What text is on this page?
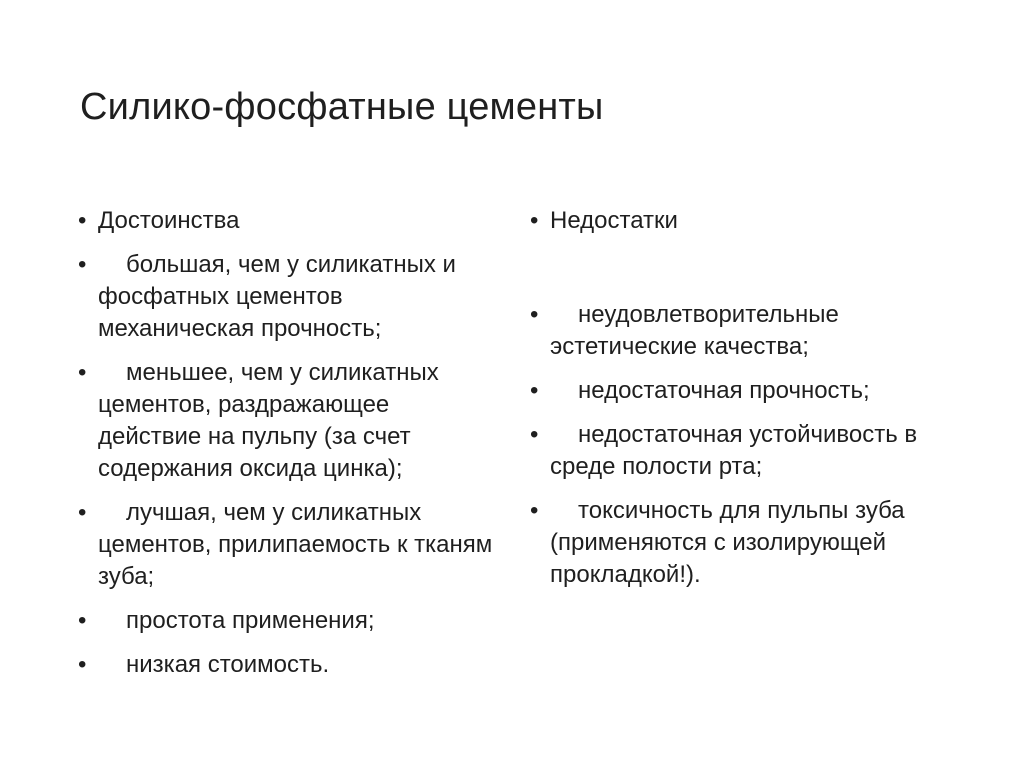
Силико-фосфатные цементы
• Достоинства
• большая, чем у силикатных и фосфатных цементов механическая прочность;
• меньшее, чем у силикатных цементов, раздражающее действие на пульпу (за счет содержания оксида цинка);
• лучшая, чем у силикатных цементов, прилипаемость к тканям зуба;
• простота применения;
• низкая стоимость.
• Недостатки
• неудовлетворительные эстетические качества;
• недостаточная прочность;
• недостаточная устойчивость в среде полости рта;
• токсичность для пульпы зуба (применяются с изолирующей прокладкой!).
